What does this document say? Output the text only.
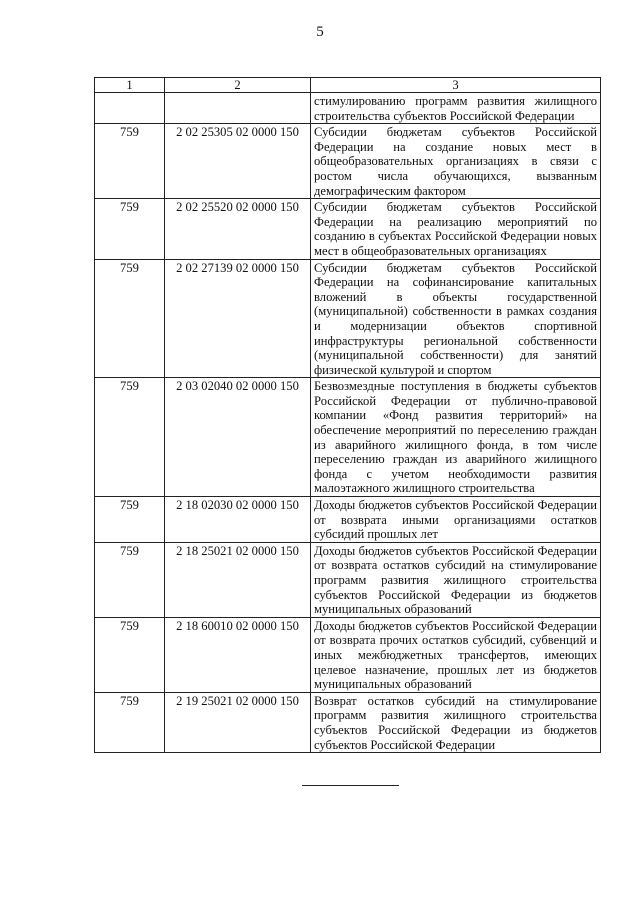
5
1	2	3
		стимулированию программ развития жилищного строительства субъектов Российской Федерации
759	2 02 25305 02 0000 150	Субсидии бюджетам субъектов Российской Федерации на создание новых мест в общеобразовательных организациях в связи с ростом числа обучающихся, вызванным демографическим фактором
759	2 02 25520 02 0000 150	Субсидии бюджетам субъектов Российской Федерации на реализацию мероприятий по созданию в субъектах Российской Федерации новых мест в общеобразовательных организациях
759	2 02 27139 02 0000 150	Субсидии бюджетам субъектов Российской Федерации на софинансирование капитальных вложений в объекты государственной (муниципальной) собственности в рамках создания и модернизации объектов спортивной инфраструктуры региональной собственности (муниципальной собственности) для занятий физической культурой и спортом
759	2 03 02040 02 0000 150	Безвозмездные поступления в бюджеты субъектов Российской Федерации от публично-правовой компании «Фонд развития территорий» на обеспечение мероприятий по переселению граждан из аварийного жилищного фонда, в том числе переселению граждан из аварийного жилищного фонда с учетом необходимости развития малоэтажного жилищного строительства
759	2 18 02030 02 0000 150	Доходы бюджетов субъектов Российской Федерации от возврата иными организациями остатков субсидий прошлых лет
759	2 18 25021 02 0000 150	Доходы бюджетов субъектов Российской Федерации от возврата остатков субсидий на стимулирование программ развития жилищного строительства субъектов Российской Федерации из бюджетов муниципальных образований
759	2 18 60010 02 0000 150	Доходы бюджетов субъектов Российской Федерации от возврата прочих остатков субсидий, субвенций и иных межбюджетных трансфертов, имеющих целевое назначение, прошлых лет из бюджетов муниципальных образований
759	2 19 25021 02 0000 150	Возврат остатков субсидий на стимулирование программ развития жилищного строительства субъектов Российской Федерации из бюджетов субъектов Российской Федерации
